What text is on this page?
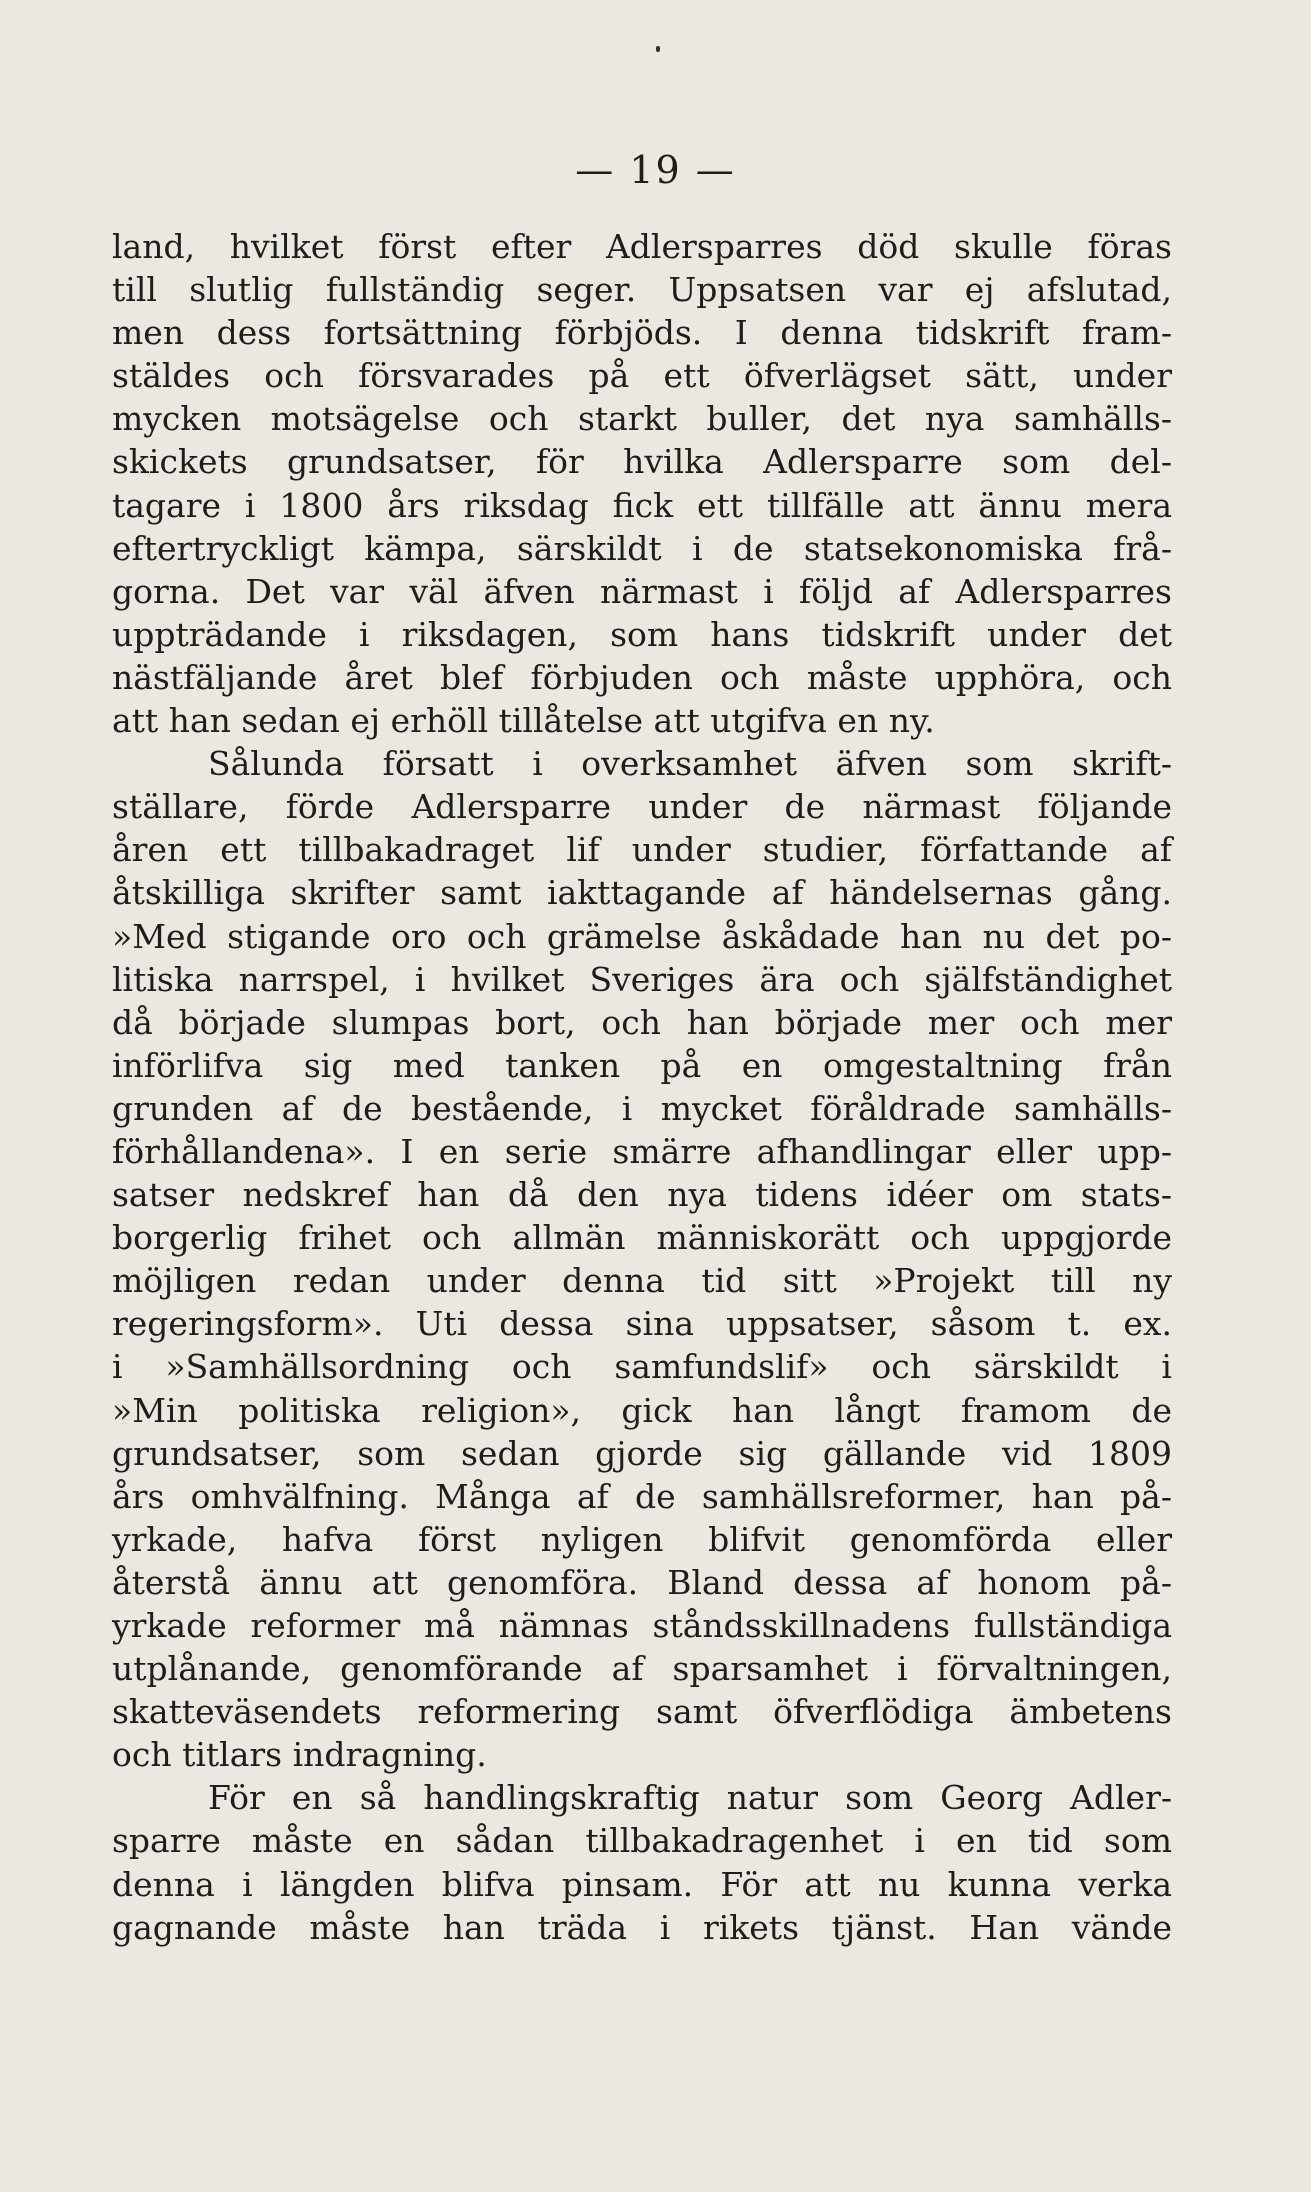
— 19 —
land, hvilket först efter Adlersparres död skulle föras
till slutlig fullständig seger. Uppsatsen var ej afslutad,
men dess fortsättning förbjöds. I denna tidskrift fram-
stäldes och försvarades på ett öfverlägset sätt, under
mycken motsägelse och starkt buller, det nya samhälls-
skickets grundsatser, för hvilka Adlersparre som del-
tagare i 1800 års riksdag fick ett tillfälle att ännu mera
eftertryckligt kämpa, särskildt i de statsekonomiska frå-
gorna. Det var väl äfven närmast i följd af Adlersparres
uppträdande i riksdagen, som hans tidskrift under det
nästfäljande året blef förbjuden och måste upphöra, och
att han sedan ej erhöll tillåtelse att utgifva en ny.
Sålunda försatt i overksamhet äfven som skrift-
ställare, förde Adlersparre under de närmast följande
åren ett tillbakadraget lif under studier, författande af
åtskilliga skrifter samt iakttagande af händelsernas gång.
»Med stigande oro och grämelse åskådade han nu det po-
litiska narrspel, i hvilket Sveriges ära och själfständighet
då började slumpas bort, och han började mer och mer
införlifva sig med tanken på en omgestaltning från
grunden af de bestående, i mycket föråldrade samhälls-
förhållandena». I en serie smärre afhandlingar eller upp-
satser nedskref han då den nya tidens idéer om stats-
borgerlig frihet och allmän människorätt och uppgjorde
möjligen redan under denna tid sitt »Projekt till ny
regeringsform». Uti dessa sina uppsatser, såsom t. ex.
i »Samhällsordning och samfundslif» och särskildt i
»Min politiska religion», gick han långt framom de
grundsatser, som sedan gjorde sig gällande vid 1809
års omhvälfning. Många af de samhällsreformer, han på-
yrkade, hafva först nyligen blifvit genomförda eller
återstå ännu att genomföra. Bland dessa af honom på-
yrkade reformer må nämnas ståndsskillnadens fullständiga
utplånande, genomförande af sparsamhet i förvaltningen,
skatteväsendets reformering samt öfverflödiga ämbetens
och titlars indragning.
För en så handlingskraftig natur som Georg Adler-
sparre måste en sådan tillbakadragenhet i en tid som
denna i längden blifva pinsam. För att nu kunna verka
gagnande måste han träda i rikets tjänst. Han vände
